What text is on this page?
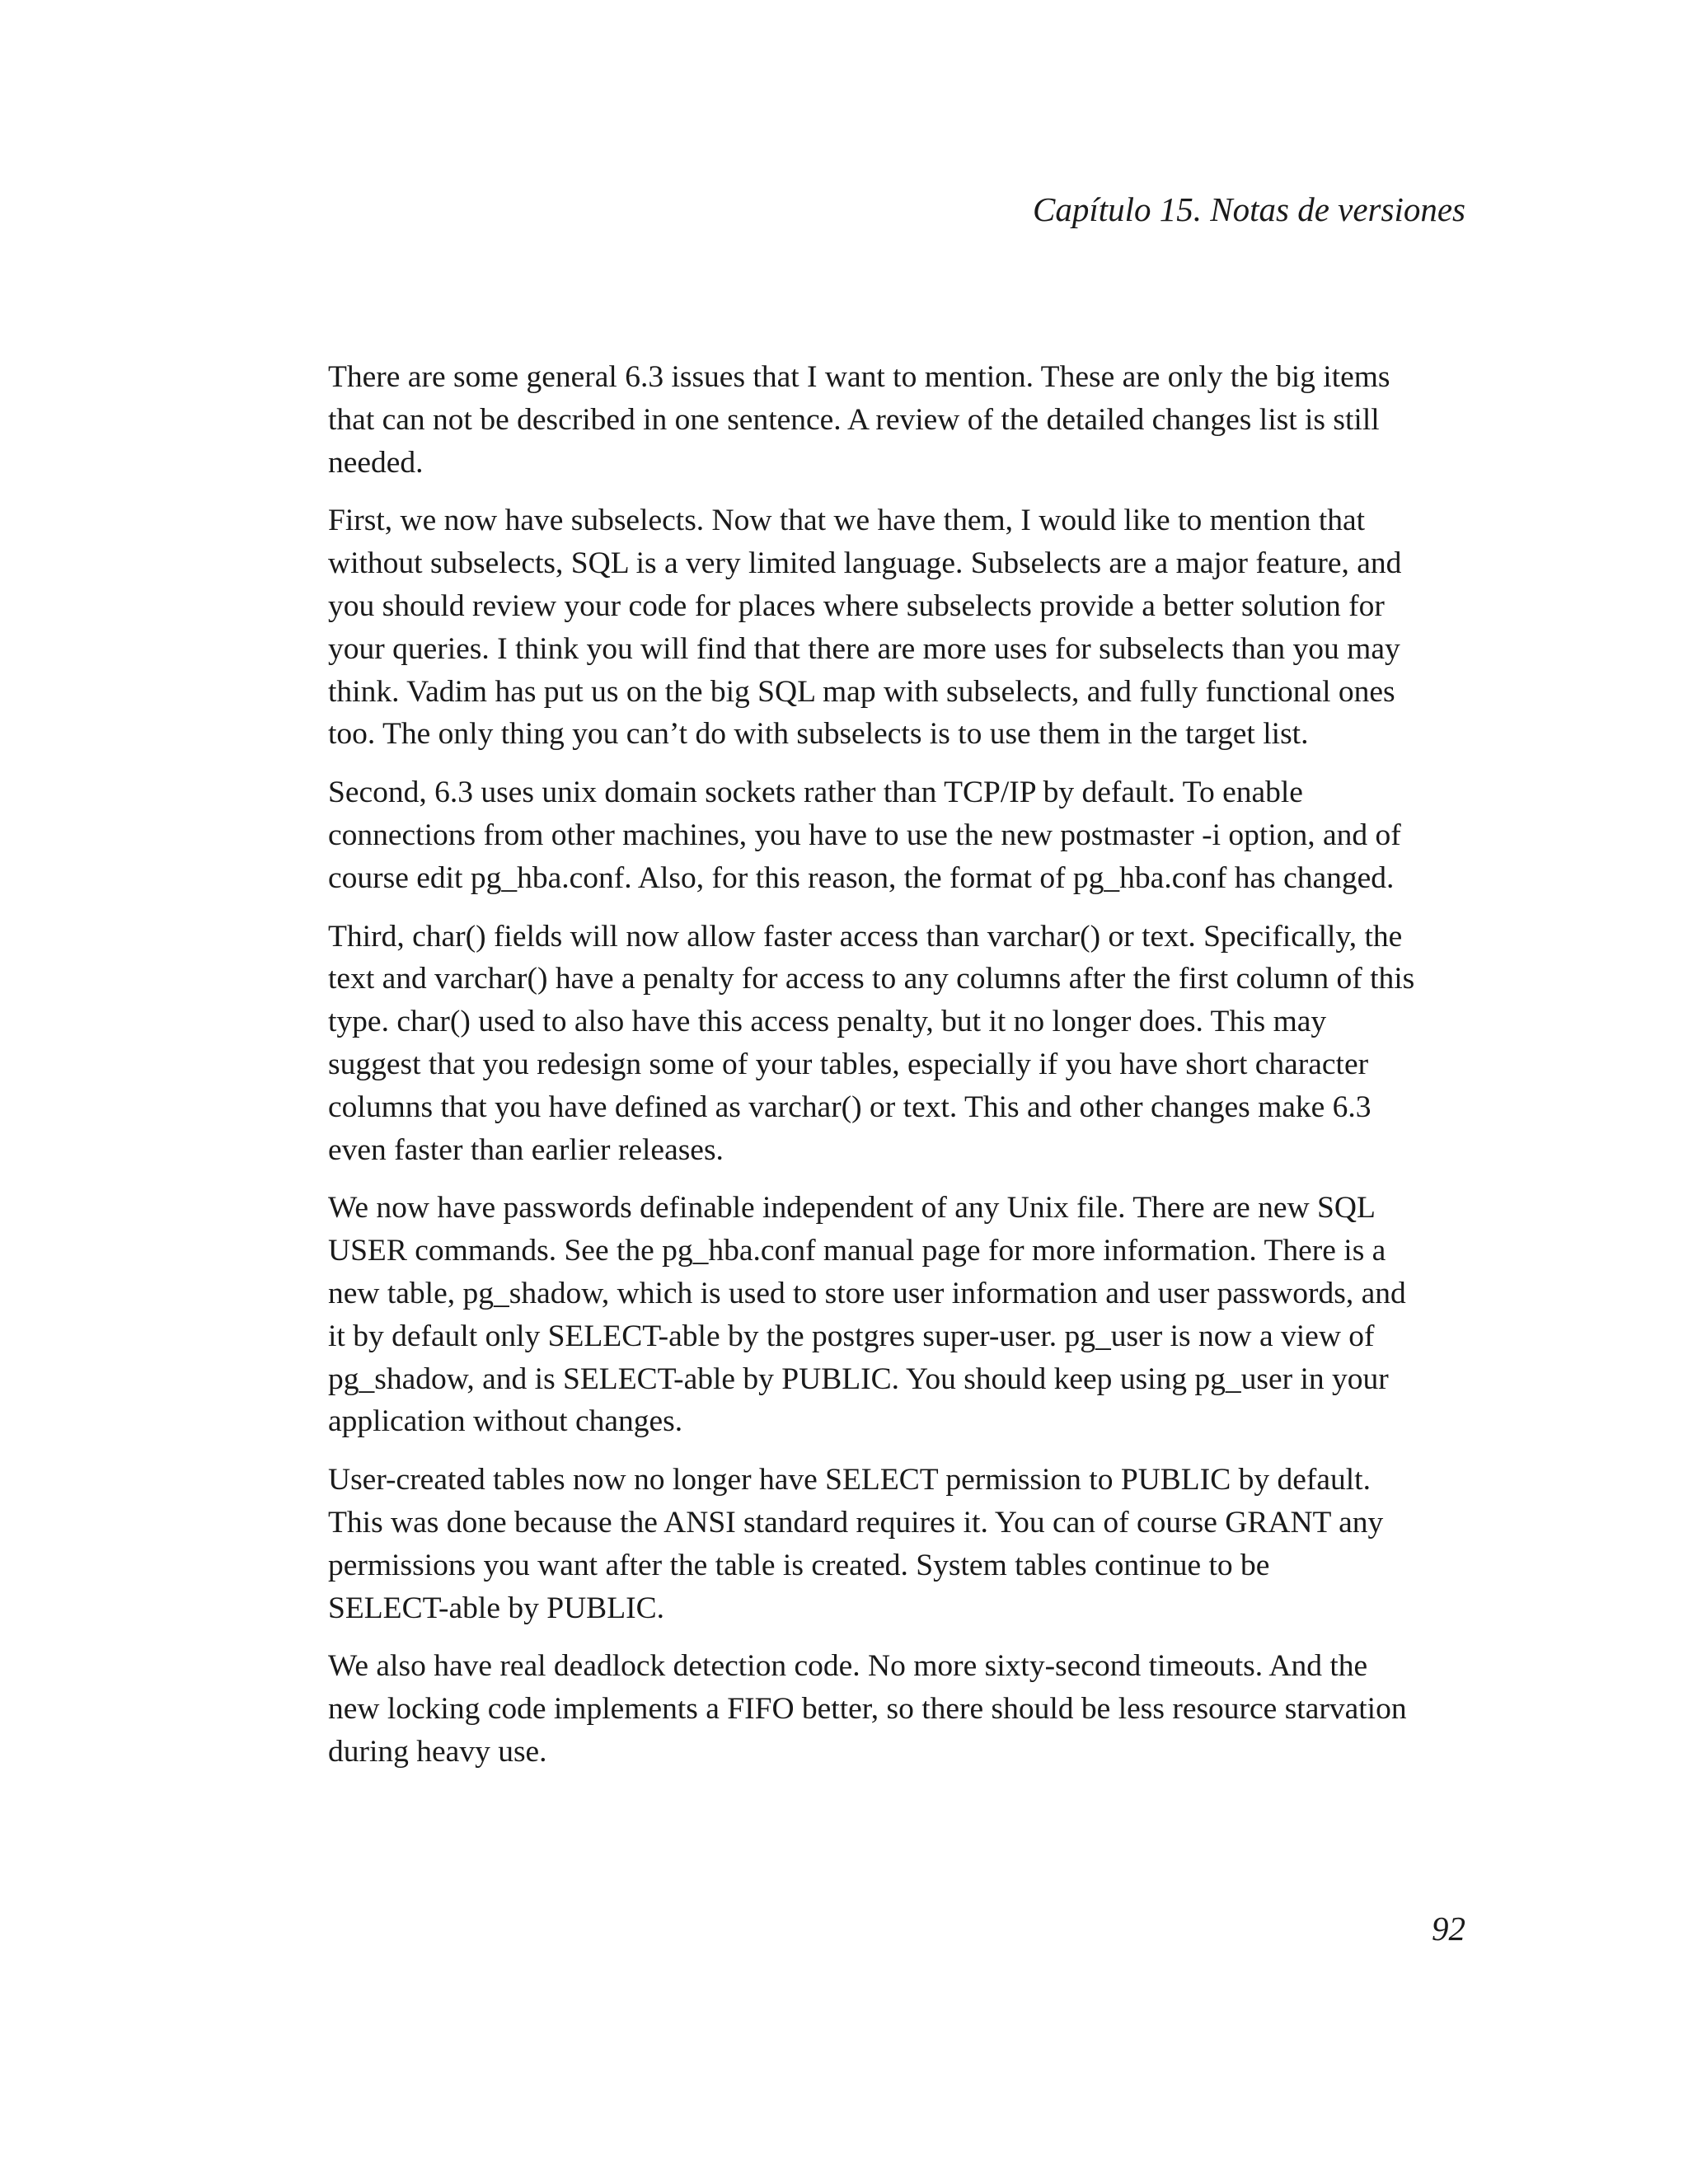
Capítulo 15. Notas de versiones

There are some general 6.3 issues that I want to mention. These are only the big items
that can not be described in one sentence. A review of the detailed changes list is still
needed.

First, we now have subselects. Now that we have them, I would like to mention that
without subselects, SQL is a very limited language. Subselects are a major feature, and
you should review your code for places where subselects provide a better solution for
your queries. I think you will find that there are more uses for subselects than you may
think. Vadim has put us on the big SQL map with subselects, and fully functional ones
too. The only thing you can’t do with subselects is to use them in the target list.

Second, 6.3 uses unix domain sockets rather than TCP/IP by default. To enable
connections from other machines, you have to use the new postmaster -i option, and of
course edit pg_hba.conf. Also, for this reason, the format of pg_hba.conf has changed.

Third, char() fields will now allow faster access than varchar() or text. Specifically, the
text and varchar() have a penalty for access to any columns after the first column of this
type. char() used to also have this access penalty, but it no longer does. This may
suggest that you redesign some of your tables, especially if you have short character
columns that you have defined as varchar() or text. This and other changes make 6.3
even faster than earlier releases.

We now have passwords definable independent of any Unix file. There are new SQL
USER commands. See the pg_hba.conf manual page for more information. There is a
new table, pg_shadow, which is used to store user information and user passwords, and
it by default only SELECT-able by the postgres super-user. pg_user is now a view of
pg_shadow, and is SELECT-able by PUBLIC. You should keep using pg_user in your
application without changes.

User-created tables now no longer have SELECT permission to PUBLIC by default.
This was done because the ANSI standard requires it. You can of course GRANT any
permissions you want after the table is created. System tables continue to be
SELECT-able by PUBLIC.

We also have real deadlock detection code. No more sixty-second timeouts. And the
new locking code implements a FIFO better, so there should be less resource starvation
during heavy use.

92
